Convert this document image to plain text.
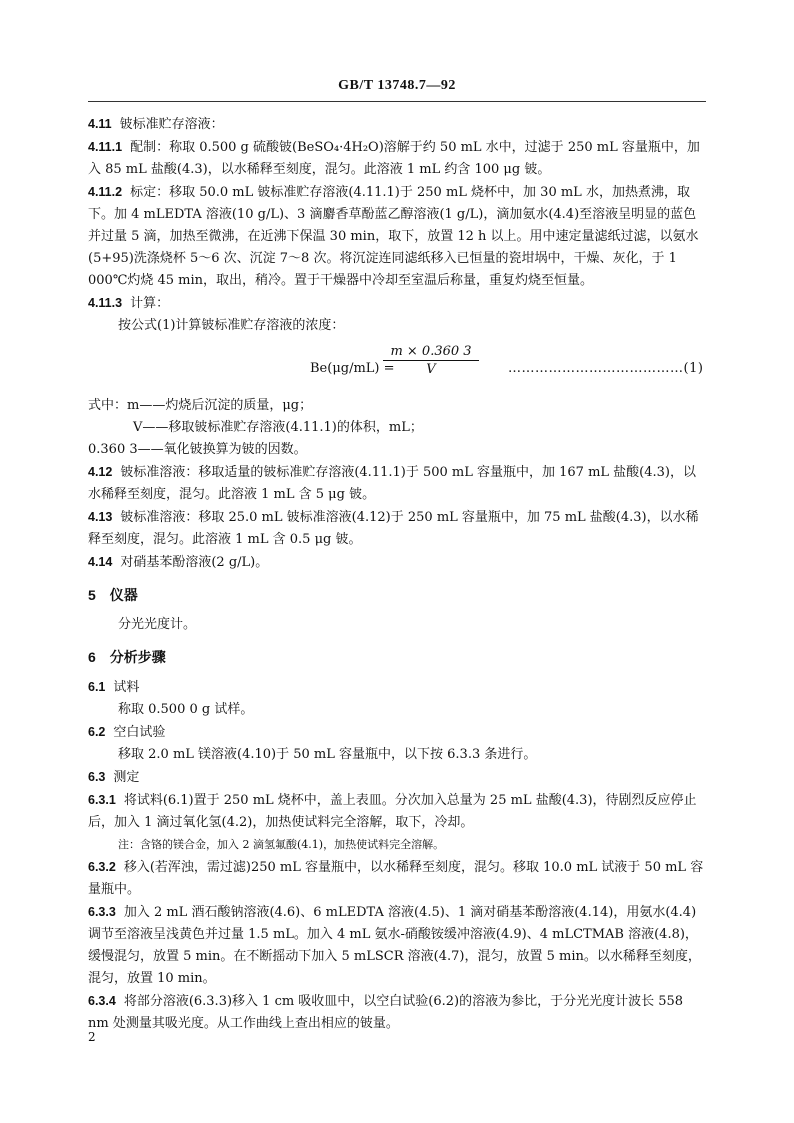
GB/T 13748.7—92

4.11 铍标准贮存溶液：

4.11.1 配制：称取 0.500 g 硫酸铍(BeSO₄·4H₂O)溶解于约 50 mL 水中，过滤于 250 mL 容量瓶中，加入 85 mL 盐酸(4.3)，以水稀释至刻度，混匀。此溶液 1 mL 约含 100 μg 铍。

4.11.2 标定：移取 50.0 mL 铍标准贮存溶液(4.11.1)于 250 mL 烧杯中，加 30 mL 水，加热煮沸，取下。加 4 mLEDTA 溶液(10 g/L)、3 滴麝香草酚蓝乙醇溶液(1 g/L)，滴加氨水(4.4)至溶液呈明显的蓝色并过量 5 滴，加热至微沸，在近沸下保温 30 min，取下，放置 12 h 以上。用中速定量滤纸过滤，以氨水(5+95)洗涤烧杯 5～6 次、沉淀 7～8 次。将沉淀连同滤纸移入已恒量的瓷坩埚中，干燥、灰化，于 1 000℃灼烧 45 min，取出，稍冷。置于干燥器中冷却至室温后称量，重复灼烧至恒量。

4.11.3 计算：

按公式(1)计算铍标准贮存溶液的浓度：

Be(μg/mL) =
$\frac{m \times 0.360 3}{V}$ …………………………………(1)

式中：m——灼烧后沉淀的质量，μg；

V——移取铍标准贮存溶液(4.11.1)的体积，mL；

0.360 3——氧化铍换算为铍的因数。

4.12 铍标准溶液：移取适量的铍标准贮存溶液(4.11.1)于 500 mL 容量瓶中，加 167 mL 盐酸(4.3)，以水稀释至刻度，混匀。此溶液 1 mL 含 5 μg 铍。

4.13 铍标准溶液：移取 25.0 mL 铍标准溶液(4.12)于 250 mL 容量瓶中，加 75 mL 盐酸(4.3)，以水稀释至刻度，混匀。此溶液 1 mL 含 0.5 μg 铍。

4.14 对硝基苯酚溶液(2 g/L)。

5　仪器

分光光度计。

6　分析步骤

6.1 试料

称取 0.500 0 g 试样。

6.2 空白试验

移取 2.0 mL 镁溶液(4.10)于 50 mL 容量瓶中，以下按 6.3.3 条进行。

6.3 测定

6.3.1 将试料(6.1)置于 250 mL 烧杯中，盖上表皿。分次加入总量为 25 mL 盐酸(4.3)，待剧烈反应停止后，加入 1 滴过氧化氢(4.2)，加热使试料完全溶解，取下，冷却。

注：含铬的镁合金，加入 2 滴氢氟酸(4.1)，加热使试料完全溶解。

6.3.2 移入(若浑浊，需过滤)250 mL 容量瓶中，以水稀释至刻度，混匀。移取 10.0 mL 试液于 50 mL 容量瓶中。

6.3.3 加入 2 mL 酒石酸钠溶液(4.6)、6 mLEDTA 溶液(4.5)、1 滴对硝基苯酚溶液(4.14)，用氨水(4.4)调节至溶液呈浅黄色并过量 1.5 mL。加入 4 mL 氨水-硝酸铵缓冲溶液(4.9)、4 mLCTMAB 溶液(4.8)，缓慢混匀，放置 5 min。在不断摇动下加入 5 mLSCR 溶液(4.7)，混匀，放置 5 min。以水稀释至刻度，混匀，放置 10 min。

6.3.4 将部分溶液(6.3.3)移入 1 cm 吸收皿中，以空白试验(6.2)的溶液为参比，于分光光度计波长 558 nm 处测量其吸光度。从工作曲线上查出相应的铍量。

2
